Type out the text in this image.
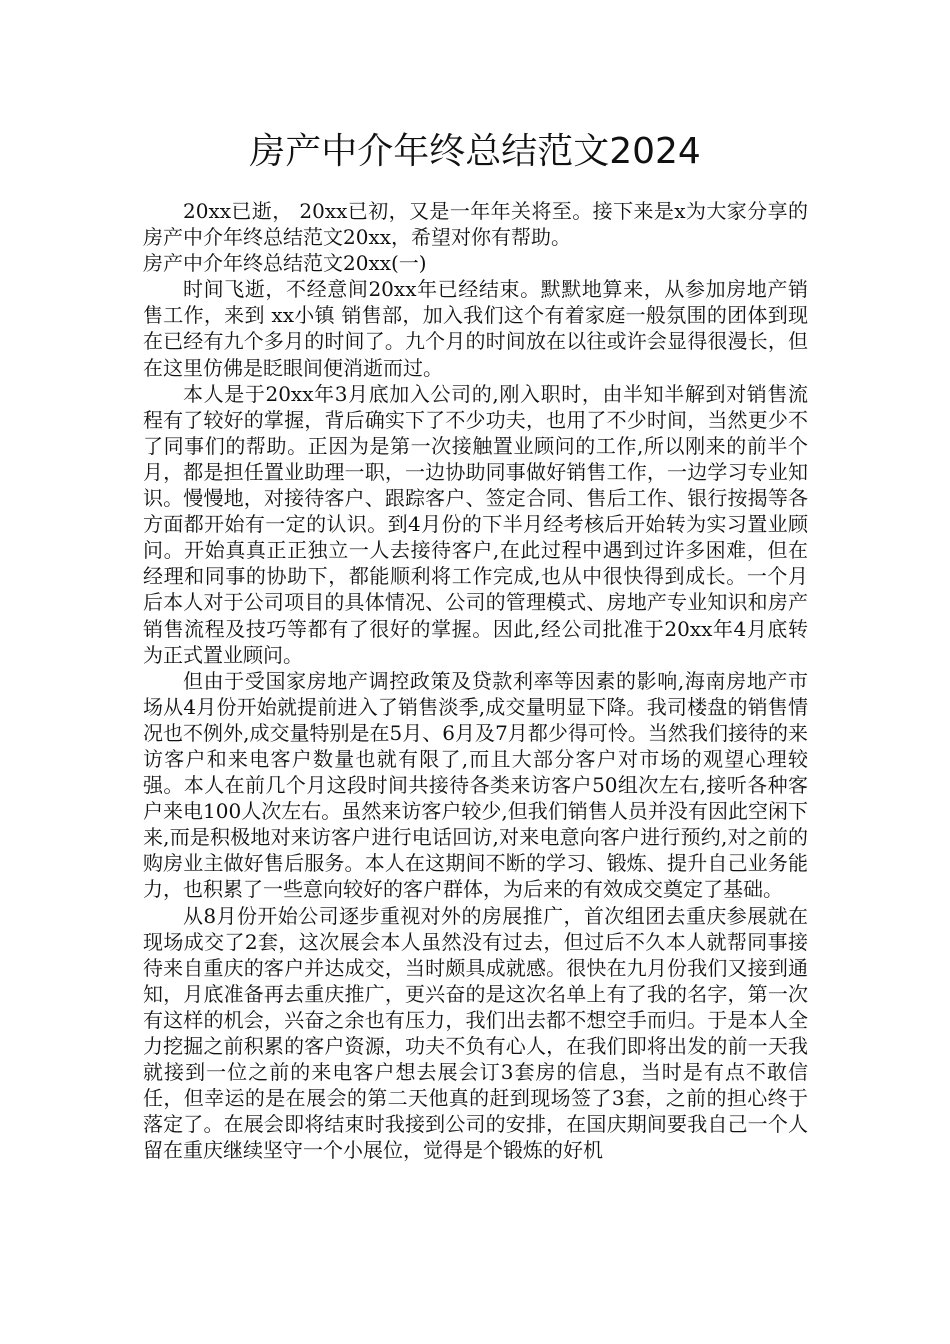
房产中介年终总结范文2024

20xx已逝， 20xx已初，又是一年年关将至。接下来是x为大家分享的房产中介年终总结范文20xx，希望对你有帮助。

房产中介年终总结范文20xx(一)

时间飞逝，不经意间20xx年已经结束。默默地算来，从参加房地产销售工作，来到 xx小镇 销售部，加入我们这个有着家庭一般氛围的团体到现在已经有九个多月的时间了。九个月的时间放在以往或许会显得很漫长，但在这里仿佛是眨眼间便消逝而过。

本人是于20xx年3月底加入公司的,刚入职时，由半知半解到对销售流程有了较好的掌握，背后确实下了不少功夫，也用了不少时间，当然更少不了同事们的帮助。正因为是第一次接触置业顾问的工作,所以刚来的前半个月，都是担任置业助理一职，一边协助同事做好销售工作，一边学习专业知识。慢慢地，对接待客户、跟踪客户、签定合同、售后工作、银行按揭等各方面都开始有一定的认识。到4月份的下半月经考核后开始转为实习置业顾问。开始真真正正独立一人去接待客户,在此过程中遇到过许多困难，但在经理和同事的协助下，都能顺利将工作完成,也从中很快得到成长。一个月后本人对于公司项目的具体情况、公司的管理模式、房地产专业知识和房产销售流程及技巧等都有了很好的掌握。因此,经公司批准于20xx年4月底转为正式置业顾问。

但由于受国家房地产调控政策及贷款利率等因素的影响,海南房地产市场从4月份开始就提前进入了销售淡季,成交量明显下降。我司楼盘的销售情况也不例外,成交量特别是在5月、6月及7月都少得可怜。当然我们接待的来访客户和来电客户数量也就有限了,而且大部分客户对市场的观望心理较强。本人在前几个月这段时间共接待各类来访客户50组次左右,接听各种客户来电100人次左右。虽然来访客户较少,但我们销售人员并没有因此空闲下来,而是积极地对来访客户进行电话回访,对来电意向客户进行预约,对之前的购房业主做好售后服务。本人在这期间不断的学习、锻炼、提升自己业务能力，也积累了一些意向较好的客户群体，为后来的有效成交奠定了基础。

从8月份开始公司逐步重视对外的房展推广，首次组团去重庆参展就在现场成交了2套，这次展会本人虽然没有过去，但过后不久本人就帮同事接待来自重庆的客户并达成交，当时颇具成就感。很快在九月份我们又接到通知，月底准备再去重庆推广，更兴奋的是这次名单上有了我的名字，第一次有这样的机会，兴奋之余也有压力，我们出去都不想空手而归。于是本人全力挖掘之前积累的客户资源，功夫不负有心人，在我们即将出发的前一天我就接到一位之前的来电客户想去展会订3套房的信息，当时是有点不敢信任，但幸运的是在展会的第二天他真的赶到现场签了3套，之前的担心终于落定了。在展会即将结束时我接到公司的安排，在国庆期间要我自己一个人留在重庆继续坚守一个小展位，觉得是个锻炼的好机
